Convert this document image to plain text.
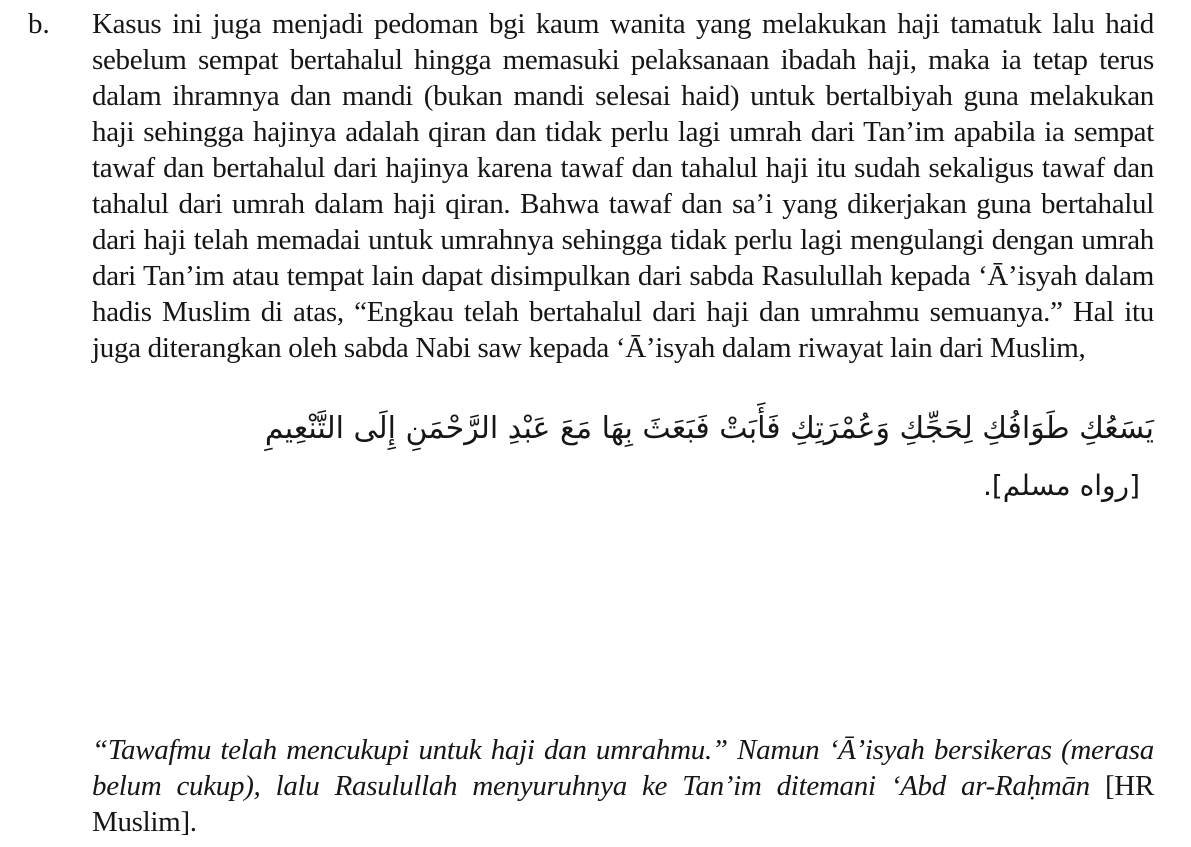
b. Kasus ini juga menjadi pedoman bgi kaum wanita yang melakukan haji tamatuk lalu haid sebelum sempat bertahalul hingga memasuki pelaksanaan ibadah haji, maka ia tetap terus dalam ihramnya dan mandi (bukan mandi selesai haid) untuk bertalbiyah guna melakukan haji sehingga hajinya adalah qiran dan tidak perlu lagi umrah dari Tan’im apabila ia sempat tawaf dan bertahalul dari hajinya karena tawaf dan tahalul haji itu sudah sekaligus tawaf dan tahalul dari umrah dalam haji qiran. Bahwa tawaf dan sa’i yang dikerjakan guna bertahalul dari haji telah memadai untuk umrahnya sehingga tidak perlu lagi mengulangi dengan umrah dari Tan’im atau tempat lain dapat disimpulkan dari sabda Rasulullah kepada ‘Ā’isyah dalam hadis Muslim di atas, “Engkau telah bertahalul dari haji dan umrahmu semuanya.” Hal itu juga diterangkan oleh sabda Nabi saw kepada ‘Ā’isyah dalam riwayat lain dari Muslim,

يَسَعُكِ طَوَافُكِ لِحَجِّكِ وَعُمْرَتِكِ فَأَبَتْ فَبَعَثَ بِهَا مَعَ عَبْدِ الرَّحْمَنِ إِلَى التَّنْعِيمِ

[رواه مسلم].

“Tawafmu telah mencukupi untuk haji dan umrahmu.” Namun ‘Ā’isyah bersikeras (merasa belum cukup), lalu Rasulullah menyuruhnya ke Tan’im ditemani ‘Abd ar-Raḥmān [HR Muslim].
